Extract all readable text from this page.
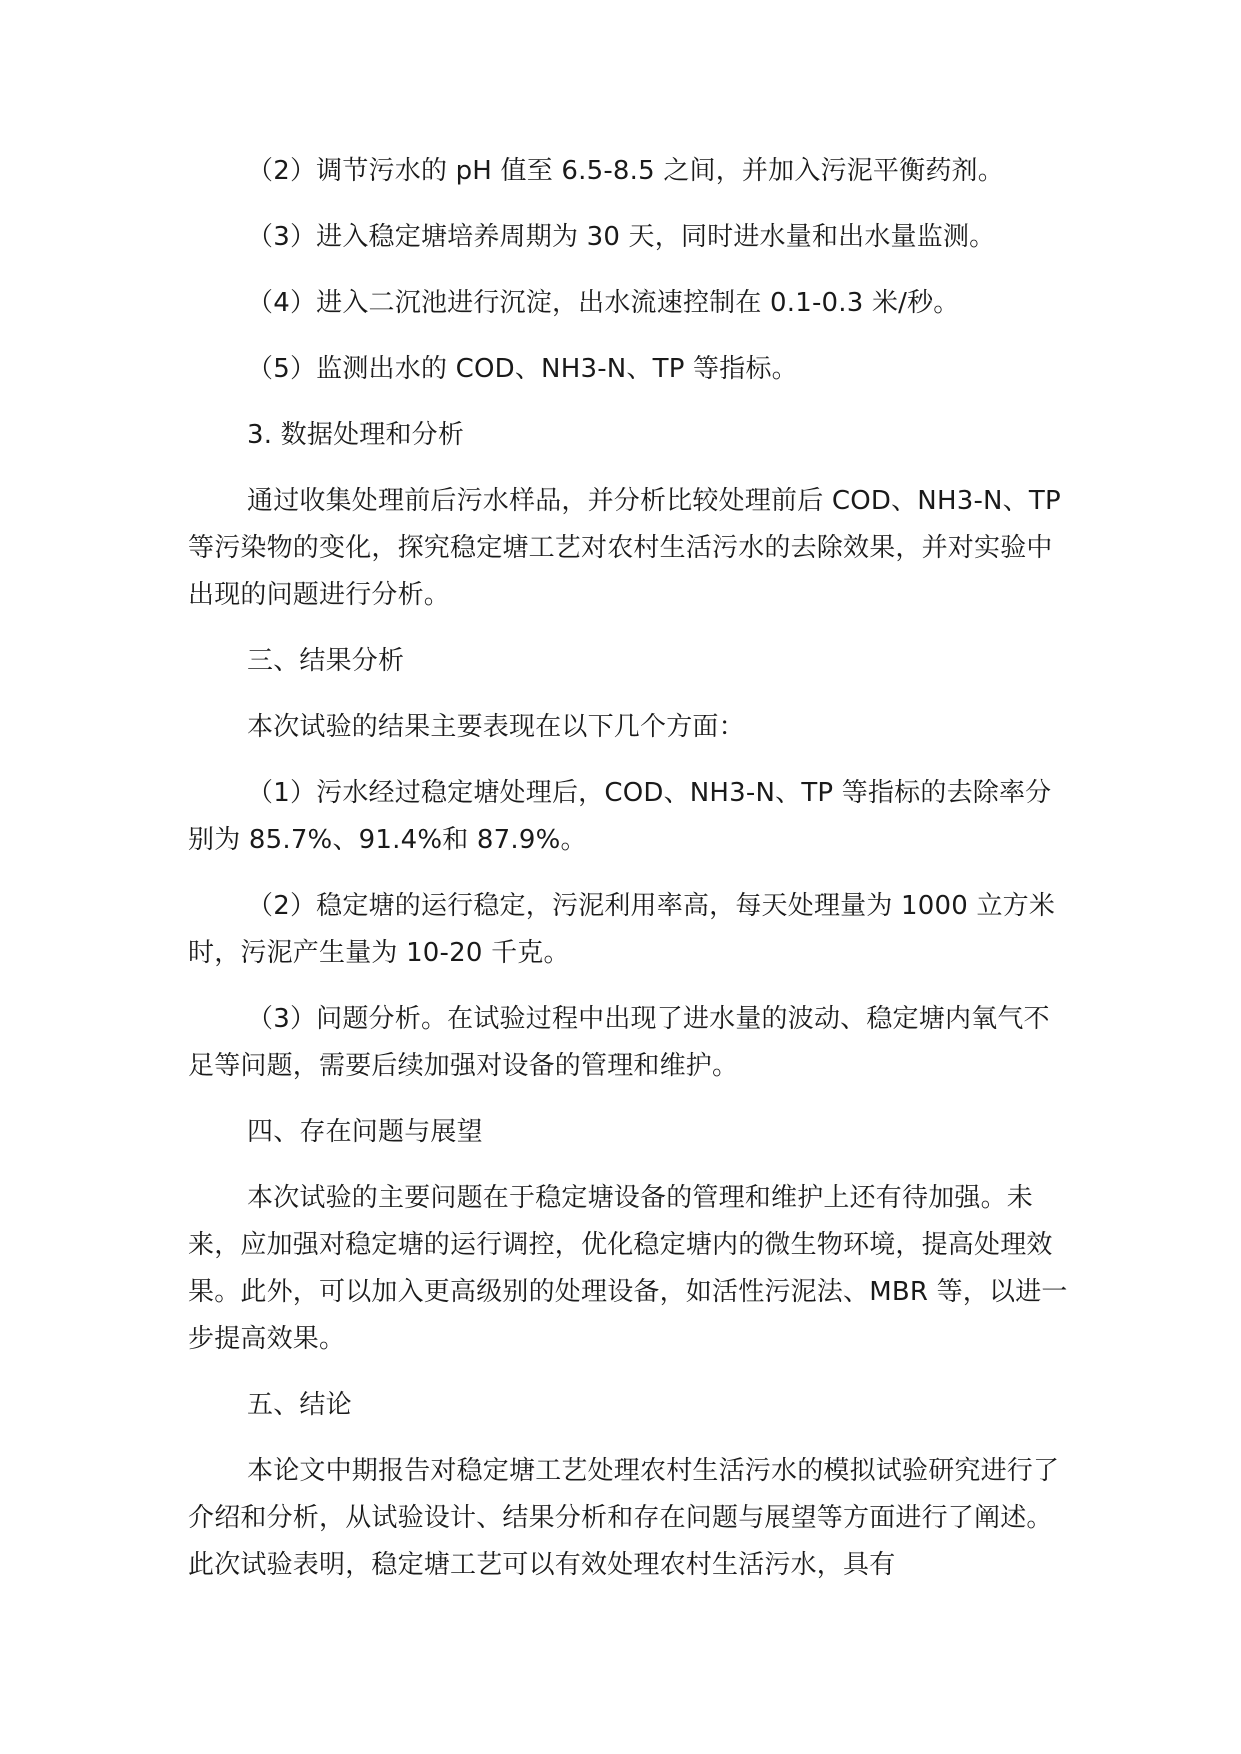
（2）调节污水的 pH 值至 6.5-8.5 之间，并加入污泥平衡药剂。

（3）进入稳定塘培养周期为 30 天，同时进水量和出水量监测。

（4）进入二沉池进行沉淀，出水流速控制在 0.1-0.3 米/秒。

（5）监测出水的 COD、NH3-N、TP 等指标。

3. 数据处理和分析

通过收集处理前后污水样品，并分析比较处理前后 COD、NH3-N、TP 等污染物的变化，探究稳定塘工艺对农村生活污水的去除效果，并对实验中出现的问题进行分析。

三、结果分析

本次试验的结果主要表现在以下几个方面：

（1）污水经过稳定塘处理后，COD、NH3-N、TP 等指标的去除率分别为 85.7%、91.4%和 87.9%。

（2）稳定塘的运行稳定，污泥利用率高，每天处理量为 1000 立方米时，污泥产生量为 10-20 千克。

（3）问题分析。在试验过程中出现了进水量的波动、稳定塘内氧气不足等问题，需要后续加强对设备的管理和维护。

四、存在问题与展望

本次试验的主要问题在于稳定塘设备的管理和维护上还有待加强。未来，应加强对稳定塘的运行调控，优化稳定塘内的微生物环境，提高处理效果。此外，可以加入更高级别的处理设备，如活性污泥法、MBR 等，以进一步提高效果。

五、结论

本论文中期报告对稳定塘工艺处理农村生活污水的模拟试验研究进行了介绍和分析，从试验设计、结果分析和存在问题与展望等方面进行了阐述。此次试验表明，稳定塘工艺可以有效处理农村生活污水，具有
